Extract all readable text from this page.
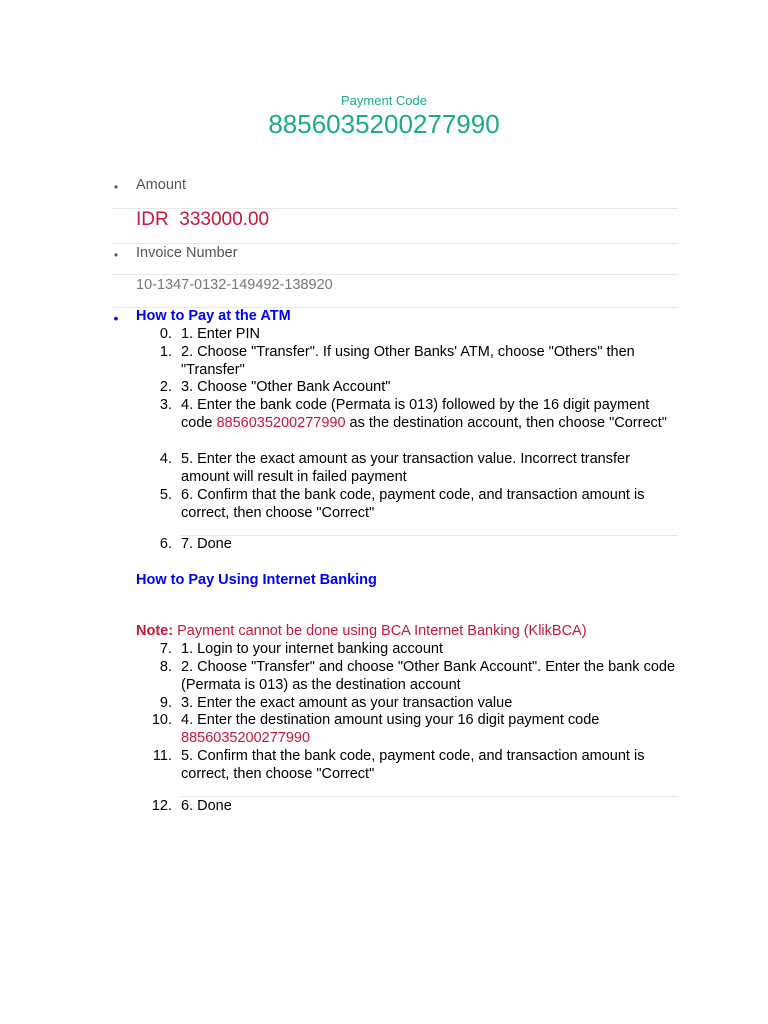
Payment Code
8856035200277990
• Amount
IDR  333000.00
• Invoice Number
10-1347-0132-149492-138920
• How to Pay at the ATM
0. 1. Enter PIN
1. 2. Choose "Transfer". If using Other Banks' ATM, choose "Others" then "Transfer"
2. 3. Choose "Other Bank Account"
3. 4. Enter the bank code (Permata is 013) followed by the 16 digit payment code 8856035200277990 as the destination account, then choose "Correct"
4. 5. Enter the exact amount as your transaction value. Incorrect transfer amount will result in failed payment
5. 6. Confirm that the bank code, payment code, and transaction amount is correct, then choose "Correct"
6. 7. Done
How to Pay Using Internet Banking
Note: Payment cannot be done using BCA Internet Banking (KlikBCA)
7. 1. Login to your internet banking account
8. 2. Choose "Transfer" and choose "Other Bank Account". Enter the bank code (Permata is 013) as the destination account
9. 3. Enter the exact amount as your transaction value
10. 4. Enter the destination amount using your 16 digit payment code 8856035200277990
11. 5. Confirm that the bank code, payment code, and transaction amount is correct, then choose "Correct"
12. 6. Done
